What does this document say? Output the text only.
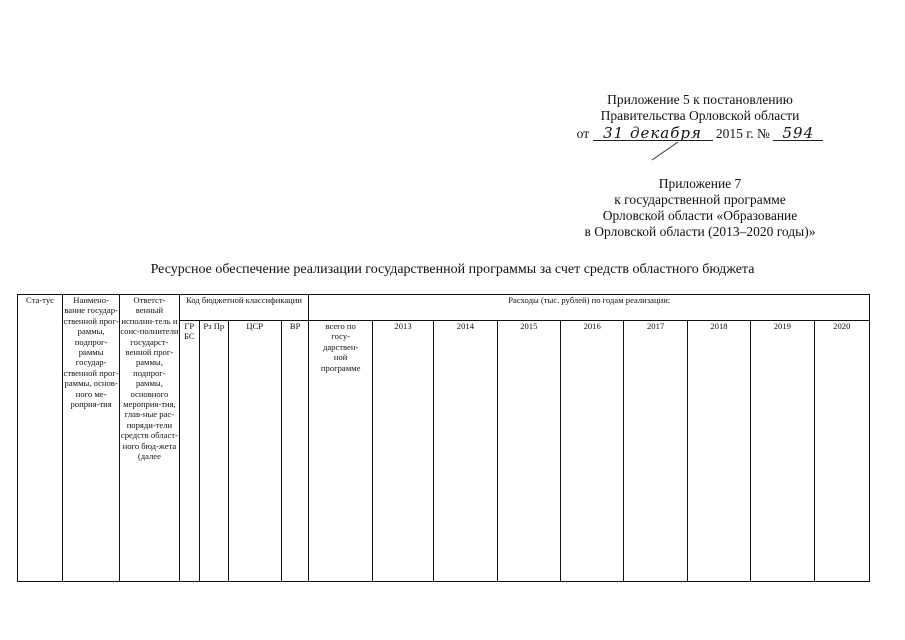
Приложение 5 к постановлению
Правительства Орловской области
от 31 декабря 2015 г. № 594
Приложение 7
к государственной программе
Орловской области «Образование
в Орловской области (2013–2020 годы)»
Ресурсное обеспечение реализации государственной программы за счет средств областного бюджета
Ста-тус	Наимено-вание государ-ственной прог-раммы, подпрог-раммы государ-ственной прог-раммы, основ-ного ме-роприя-тия	Ответст-венный исполни-тель и соис-полнители государст-венной прог-раммы, подпрог-раммы, основного мероприя-тия, глав-ные рас-поряди-тели средств област-ного бюд-жета (далее	Код бюджетной классификации				Расходы (тыс. рублей) по годам реализации:								
			ГР БС	Рз Пр	ЦСР	ВР	всего по госу-дарствен-ной программе	2013	2014	2015	2016	2017	2018	2019	2020
